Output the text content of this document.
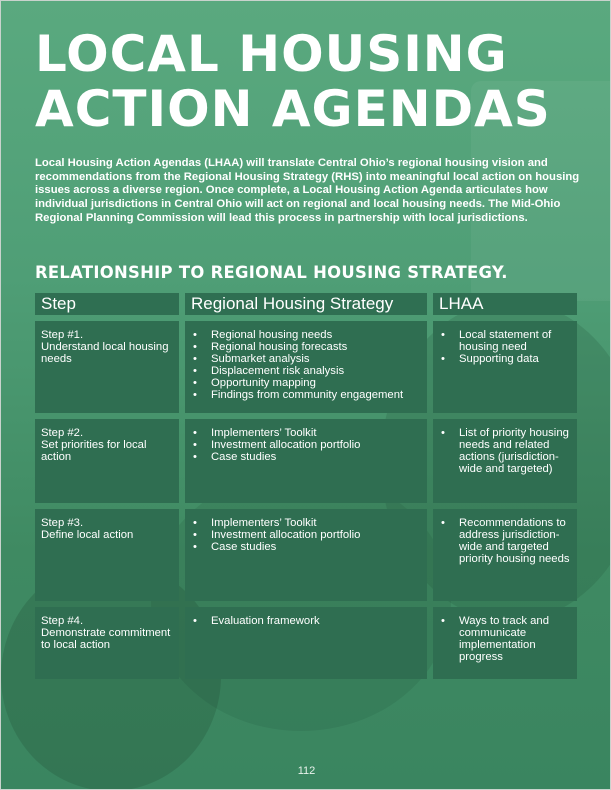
LOCAL HOUSING ACTION AGENDAS

Local Housing Action Agendas (LHAA) will translate Central Ohio’s regional housing vision and recommendations from the Regional Housing Strategy (RHS) into meaningful local action on housing issues across a diverse region. Once complete, a Local Housing Action Agenda articulates how individual jurisdictions in Central Ohio will act on regional and local housing needs. The Mid-Ohio Regional Planning Commission will lead this process in partnership with local jurisdictions.

RELATIONSHIP TO REGIONAL HOUSING STRATEGY.
Step	Regional Housing Strategy	LHAA
Step #1.
Understand local housing needs
• Regional housing needs
• Regional housing forecasts
• Submarket analysis
• Displacement risk analysis
• Opportunity mapping
• Findings from community engagement
• Local statement of housing need
• Supporting data
Step #2.
Set priorities for local action
• Implementers’ Toolkit
• Investment allocation portfolio
• Case studies
• List of priority housing needs and related actions (jurisdiction-wide and targeted)
Step #3.
Define local action
• Implementers’ Toolkit
• Investment allocation portfolio
• Case studies
• Recommendations to address jurisdiction-wide and targeted priority housing needs
Step #4.
Demonstrate commitment to local action
• Evaluation framework
•	Ways to track and communicate implementation progress
112
